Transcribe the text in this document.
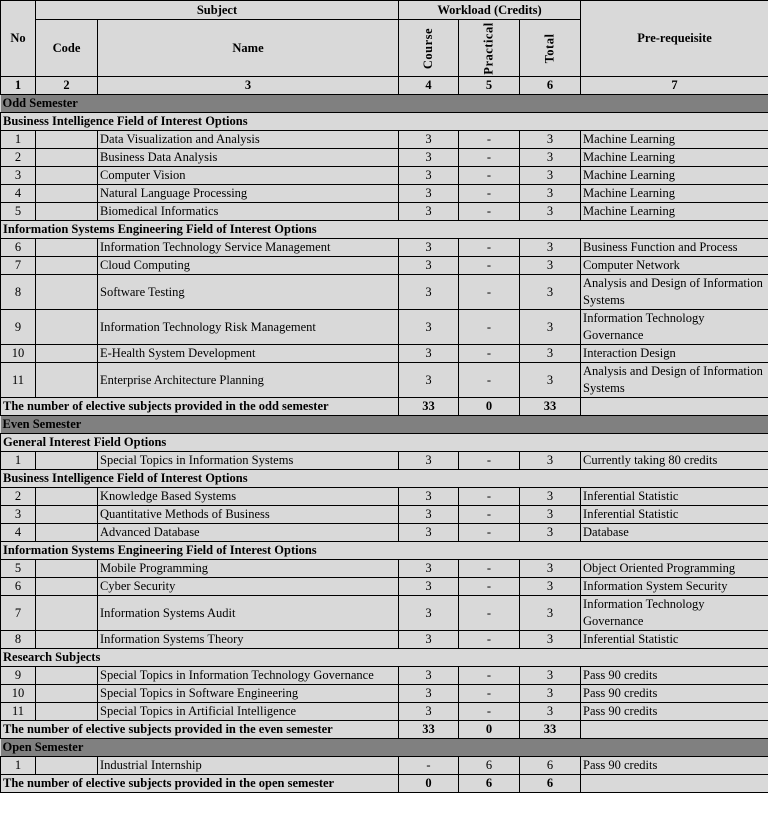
No	Subject		Workload (Credits)			Pre-requeisite
	Code	Name	Course	Practical	Total	
1	2	3	4	5	6	7
Odd Semester						
Business Intelligence Field of Interest Options						
1		Data Visualization and Analysis	3	-	3	Machine Learning
2		Business Data Analysis	3	-	3	Machine Learning
3		Computer Vision	3	-	3	Machine Learning
4		Natural Language Processing	3	-	3	Machine Learning
5		Biomedical Informatics	3	-	3	Machine Learning
Information Systems Engineering Field of Interest Options						
6		Information Technology Service Management	3	-	3	Business Function and Process
7		Cloud Computing	3	-	3	Computer Network
8		Software Testing	3	-	3	Analysis and Design of Information Systems
9		Information Technology Risk Management	3	-	3	Information Technology Governance
10		E-Health System Development	3	-	3	Interaction Design
11		Enterprise Architecture Planning	3	-	3	Analysis and Design of Information Systems
The number of elective subjects provided in the odd semester			33	0	33	
Even Semester						
General Interest Field Options						
1		Special Topics in Information Systems	3	-	3	Currently taking 80 credits
Business Intelligence Field of Interest Options						
2		Knowledge Based Systems	3	-	3	Inferential Statistic
3		Quantitative Methods of Business	3	-	3	Inferential Statistic
4		Advanced Database	3	-	3	Database
Information Systems Engineering Field of Interest Options						
5		Mobile Programming	3	-	3	Object Oriented Programming
6		Cyber Security	3	-	3	Information System Security
7		Information Systems Audit	3	-	3	Information Technology Governance
8		Information Systems Theory	3	-	3	Inferential Statistic
Research Subjects						
9		Special Topics in Information Technology Governance	3	-	3	Pass 90 credits
10		Special Topics in Software Engineering	3	-	3	Pass 90 credits
11		Special Topics in Artificial Intelligence	3	-	3	Pass 90 credits
The number of elective subjects provided in the even semester			33	0	33	
Open Semester						
1		Industrial Internship	-	6	6	Pass 90 credits
The number of elective subjects provided in the open semester			0	6	6	
